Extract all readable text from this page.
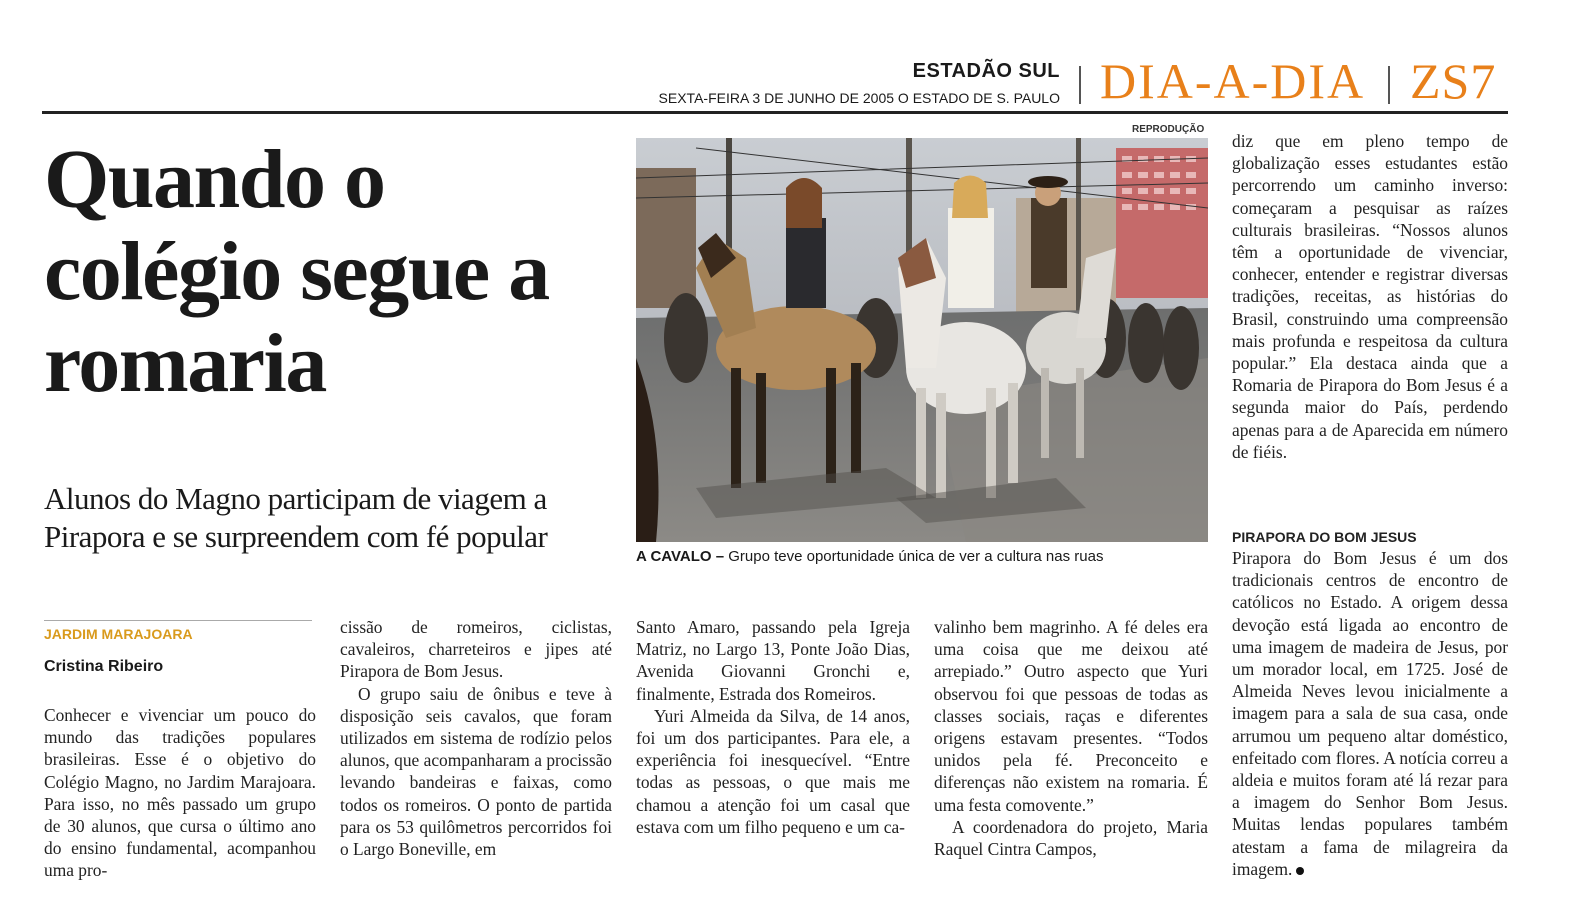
ESTADÃO SUL
SEXTA-FEIRA 3 DE JUNHO DE 2005 O ESTADO DE S. PAULO DIA-A-DIA ZS7
Quando o colégio segue a romaria
Alunos do Magno participam de viagem a Pirapora e se surpreendem com fé popular
REPRODUÇÃO
A CAVALO – Grupo teve oportunidade única de ver a cultura nas ruas
JARDIM MARAJOARA
Cristina Ribeiro

Conhecer e vivenciar um pouco do mundo das tradições populares brasileiras. Esse é o objetivo do Colégio Magno, no Jardim Marajoara. Para isso, no mês passado um grupo de 30 alunos, que cursa o último ano do ensino fundamental, acompanhou uma pro-

cissão de romeiros, ciclistas, cavaleiros, charreteiros e jipes até Pirapora de Bom Jesus.

O grupo saiu de ônibus e teve à disposição seis cavalos, que foram utilizados em sistema de rodízio pelos alunos, que acompanharam a procissão levando bandeiras e faixas, como todos os romeiros. O ponto de partida para os 53 quilômetros percorridos foi o Largo Boneville, em

Santo Amaro, passando pela Igreja Matriz, no Largo 13, Ponte João Dias, Avenida Giovanni Gronchi e, finalmente, Estrada dos Romeiros.

Yuri Almeida da Silva, de 14 anos, foi um dos participantes. Para ele, a experiência foi inesquecível. “Entre todas as pessoas, o que mais me chamou a atenção foi um casal que estava com um filho pequeno e um ca-

valinho bem magrinho. A fé deles era uma coisa que me deixou até arrepiado.” Outro aspecto que Yuri observou foi que pessoas de todas as classes sociais, raças e diferentes origens estavam presentes. “Todos unidos pela fé. Preconceito e diferenças não existem na romaria. É uma festa comovente.”

A coordenadora do projeto, Maria Raquel Cintra Campos,

diz que em pleno tempo de globalização esses estudantes estão percorrendo um caminho inverso: começaram a pesquisar as raízes culturais brasileiras. “Nossos alunos têm a oportunidade de vivenciar, conhecer, entender e registrar diversas tradições, receitas, as histórias do Brasil, construindo uma compreensão mais profunda e respeitosa da cultura popular.” Ela destaca ainda que a Romaria de Pirapora do Bom Jesus é a segunda maior do País, perdendo apenas para a de Aparecida em número de fiéis.

PIRAPORA DO BOM JESUS

Pirapora do Bom Jesus é um dos tradicionais centros de encontro de católicos no Estado. A origem dessa devoção está ligada ao encontro de uma imagem de madeira de Jesus, por um morador local, em 1725. José de Almeida Neves levou inicialmente a imagem para a sala de sua casa, onde arrumou um pequeno altar doméstico, enfeitado com flores. A notícia correu a aldeia e muitos foram até lá rezar para a imagem do Senhor Bom Jesus. Muitas lendas populares também atestam a fama de milagreira da imagem.
